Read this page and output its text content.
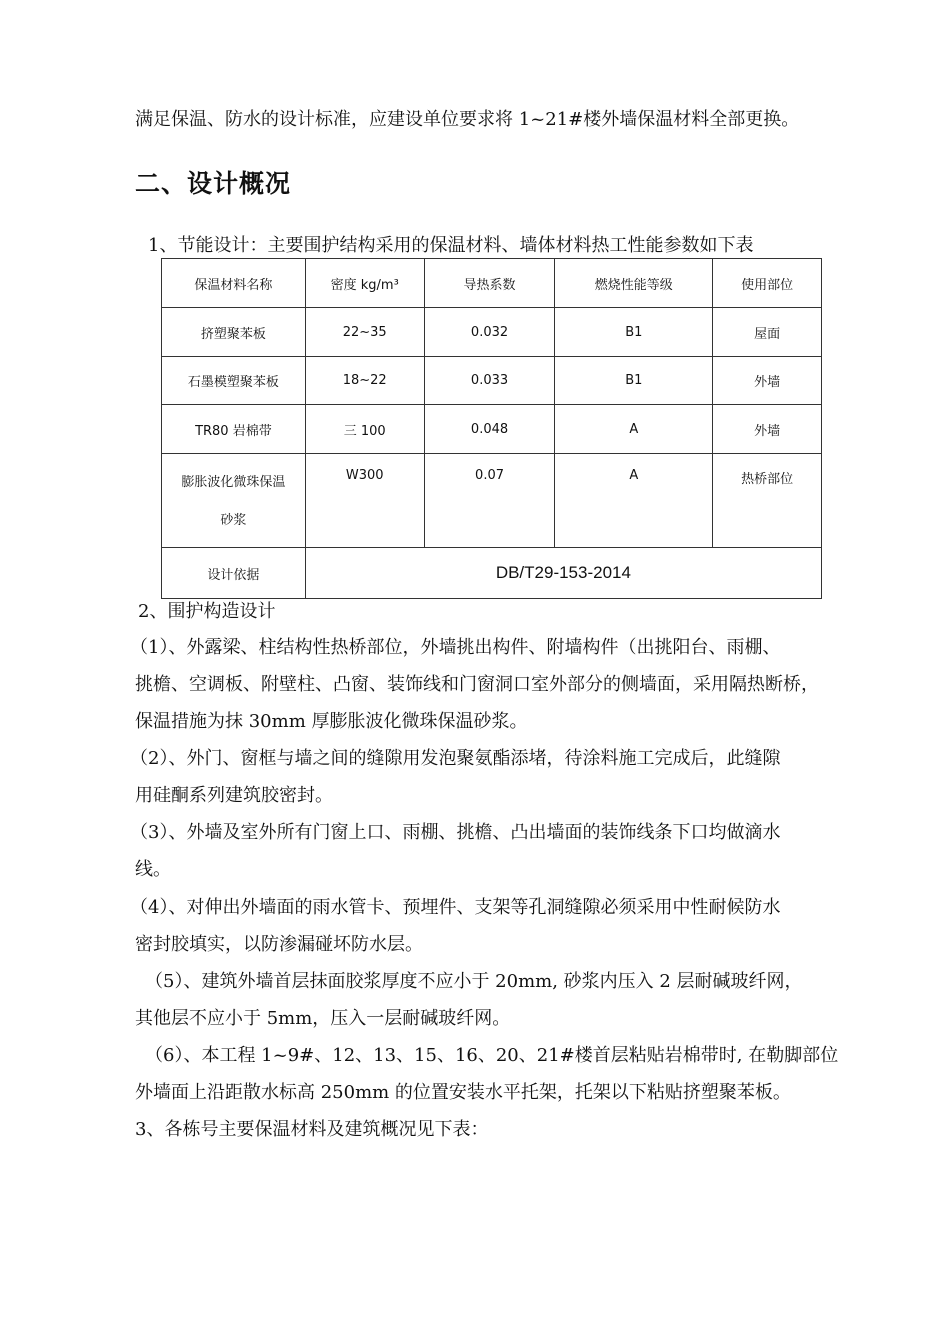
满足保温、防水的设计标准，应建设单位要求将 1~21#楼外墙保温材料全部更换。
二、设计概况
1、节能设计：主要围护结构采用的保温材料、墙体材料热工性能参数如下表
保温材料名称	密度 kg/m³	导热系数	燃烧性能等级	使用部位
挤塑聚苯板	22~35	0.032	B1	屋面
石墨模塑聚苯板	18~22	0.033	B1	外墙
TR80 岩棉带	三 100	0.048	A	外墙
膨胀波化微珠保温
砂浆	W300	0.07	A	热桥部位
设计依据	DB/T29-153-2014			
2、围护构造设计
（1）、外露梁、柱结构性热桥部位，外墙挑出构件、附墙构件（出挑阳台、雨棚、
挑檐、空调板、附壁柱、凸窗、装饰线和门窗洞口室外部分的侧墙面，采用隔热断桥，
保温措施为抹 30mm 厚膨胀波化微珠保温砂浆。
（2）、外门、窗框与墙之间的缝隙用发泡聚氨酯添堵，待涂料施工完成后，此缝隙
用硅酮系列建筑胶密封。
（3）、外墙及室外所有门窗上口、雨棚、挑檐、凸出墙面的装饰线条下口均做滴水
线。
（4）、对伸出外墙面的雨水管卡、预埋件、支架等孔洞缝隙必须采用中性耐候防水
密封胶填实，以防渗漏碰坏防水层。
（5）、建筑外墙首层抹面胶浆厚度不应小于 20mm, 砂浆内压入 2 层耐碱玻纤网，
其他层不应小于 5mm，压入一层耐碱玻纤网。
（6）、本工程 1~9#、12、13、15、16、20、21#楼首层粘贴岩棉带时, 在勒脚部位
外墙面上沿距散水标高 250mm 的位置安装水平托架，托架以下粘贴挤塑聚苯板。
3、各栋号主要保温材料及建筑概况见下表：
